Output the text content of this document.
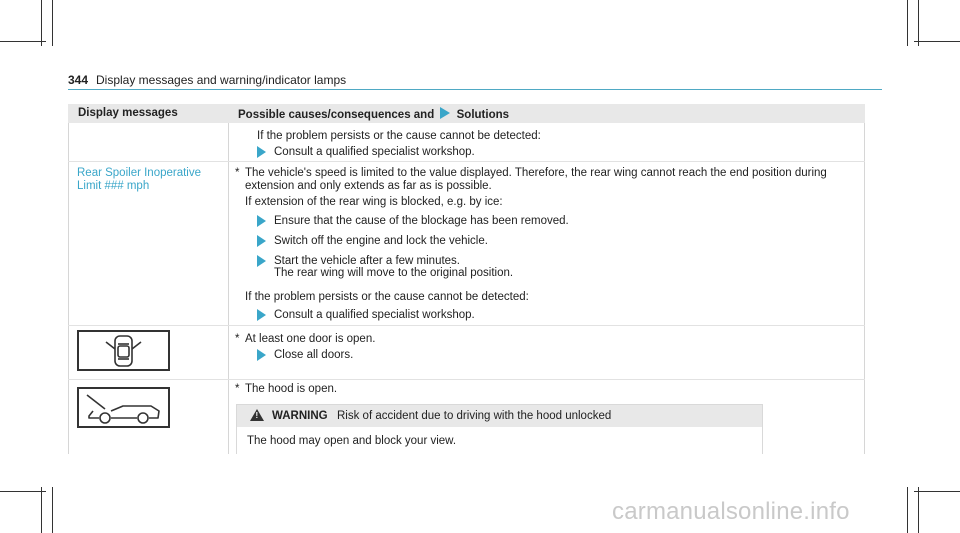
344 Display messages and warning/indicator lamps
Display messages	Possible causes/consequences and Solutions
If the problem persists or the cause cannot be detected:
Consult a qualified specialist workshop.
Rear Spoiler Inoperative
Limit ### mph
* The vehicle's speed is limited to the value displayed. Therefore, the rear wing cannot reach the end position during
extension and only extends as far as is possible.
If extension of the rear wing is blocked, e.g. by ice:
Ensure that the cause of the blockage has been removed.
Switch off the engine and lock the vehicle.
Start the vehicle after a few minutes.
The rear wing will move to the original position.
If the problem persists or the cause cannot be detected:
Consult a qualified specialist workshop.
* At least one door is open.
Close all doors.
* The hood is open.
! WARNING Risk of accident due to driving with the hood unlocked
The hood may open and block your view.
carmanualsonline.info
